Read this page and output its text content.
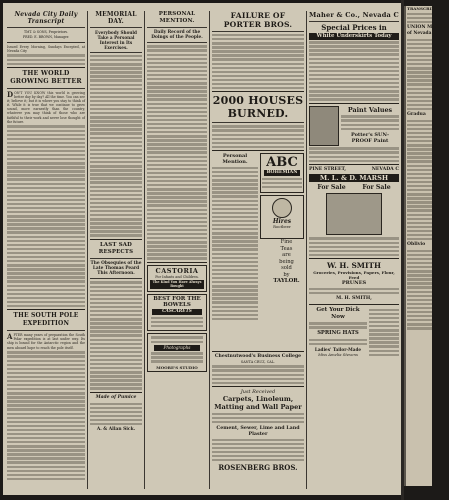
Nevada City Daily Transcript
TMT. & SONS, Proprietors.
FRED. E. BROWN, Manager.
Issued Every Morning, Sundays Excepted, at Nevada City
THE WORLD GROWING BETTER
DON'T YOU KNOW this world is growing better day by day? All the time. You can see it; believe it; but it is where you stay to think of it. While it is true that we continue to grow sound, more earnestly than the country, whatever you may think of those who are faithful to their work and never lose thought of the future.
THE SOUTH POLE EXPEDITION
AFTER many years of preparation the South Polar expedition is at last under way. Its ship is bound for the Antarctic region and the men aboard hope to reach the pole itself.
MEMORIAL DAY.
Everybody Should Take a Personal Interest in Its Exercises.
LAST SAD RESPECTS
The Obsequies of the Late Thomas Peard This Afternoon.
Made of Pumice
A. & Allan Sick.
PERSONAL MENTION.
Daily Record of the Doings of the People.
CASTORIA
For Infants and Children.
The Kind You Have Always Bought
BEST FOR THE BOWELS
CASCARETS
Photographs
MOORE'S STUDIO
FAILURE OF PORTER BROS.
2000 HOUSES BURNED.
Personal Mention.	ABC
BOHEMIAN
Hires
Rootbeer
Fine
Teas
are
being
sold
by
TAYLOR.
Chestnutwood's Business College
SANTA CRUZ, CAL.
Just Received
Carpets, Linoleum, Matting and Wall Paper
Cement, Sewer, Lime and Land Plaster
ROSENBERG BROS.
Maher & Co., Nevada C
Special Prices in
White Underskirts Today
Paint Values
Potter's SUN-PROOF Paint
PINE STREET,	NEVADA C
M. L. & D. MARSH
For Sale	For Sale
W. H. SMITH
Groceries, Provisions, Papers, Flour, Feed
PRUNES
M. H. SMITH,
Get Your Dick Now
SPRING HATS
Ladies' Tailor-Made
Miss Amelia Stevens
TRANSCRIPT
UNION MEETIN
of Nevada C
Gradua
Oblivio
